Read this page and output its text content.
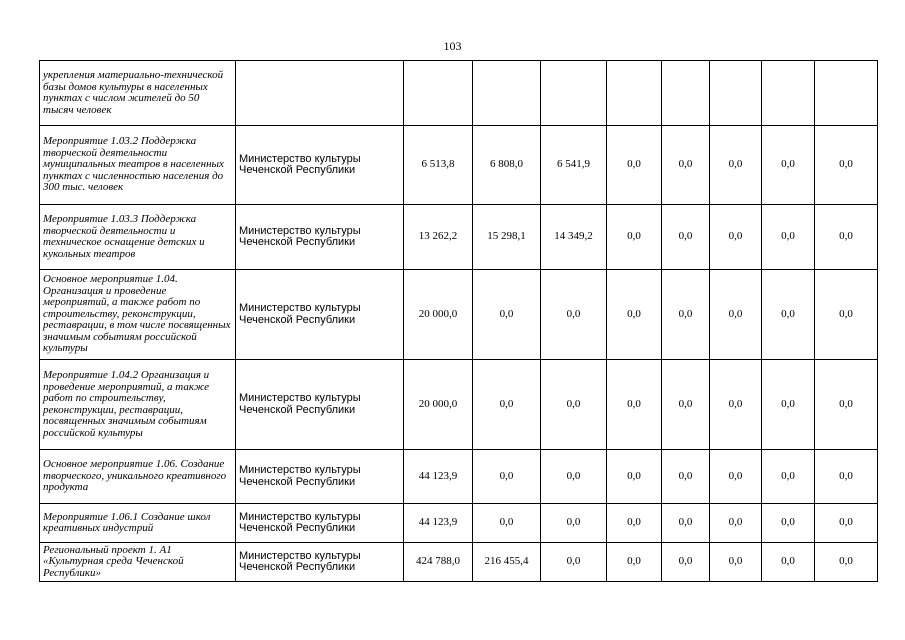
103
укрепления материально-технической базы домов культуры в населенных пунктах с числом жителей до 50 тысяч человек									
Мероприятие 1.03.2 Поддержка творческой деятельности муниципальных театров в населенных пунктах с численностью населения до 300 тыс. человек	Министерство культуры Чеченской Республики	6 513,8	6 808,0	6 541,9	0,0	0,0	0,0	0,0	0,0
Мероприятие 1.03.3 Поддержка творческой деятельности и техническое оснащение детских и кукольных театров	Министерство культуры Чеченской Республики	13 262,2	15 298,1	14 349,2	0,0	0,0	0,0	0,0	0,0
Основное мероприятие 1.04. Организация и проведение мероприятий, а также работ по строительству, реконструкции, реставрации, в том числе посвященных значимым событиям российской культуры	Министерство культуры Чеченской Республики	20 000,0	0,0	0,0	0,0	0,0	0,0	0,0	0,0
Мероприятие 1.04.2 Организация и проведение мероприятий, а также работ по строительству, реконструкции, реставрации, посвященных значимым событиям российской культуры	Министерство культуры Чеченской Республики	20 000,0	0,0	0,0	0,0	0,0	0,0	0,0	0,0
Основное мероприятие 1.06. Создание творческого, уникального креативного продукта	Министерство культуры Чеченской Республики	44 123,9	0,0	0,0	0,0	0,0	0,0	0,0	0,0
Мероприятие 1.06.1 Создание школ креативных индустрий	Министерство культуры Чеченской Республики	44 123,9	0,0	0,0	0,0	0,0	0,0	0,0	0,0
Региональный проект 1. А1 «Культурная среда Чеченской Республики»	Министерство культуры Чеченской Республики	424 788,0	216 455,4	0,0	0,0	0,0	0,0	0,0	0,0
